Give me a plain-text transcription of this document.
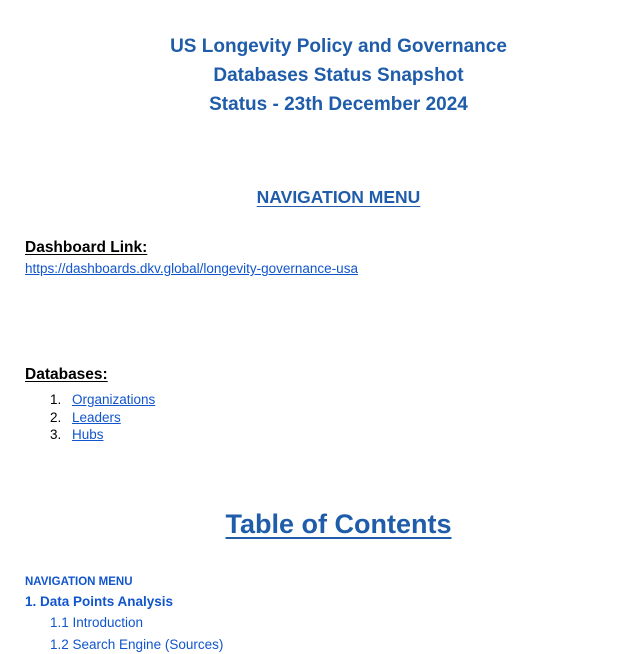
US Longevity Policy and Governance
Databases Status Snapshot
Status - 23th December 2024
NAVIGATION MENU
Dashboard Link:
https://dashboards.dkv.global/longevity-governance-usa
Databases:
1. Organizations
2. Leaders
3. Hubs
Table of Contents
NAVIGATION MENU
1. Data Points Analysis
1.1 Introduction
1.2 Search Engine (Sources)
